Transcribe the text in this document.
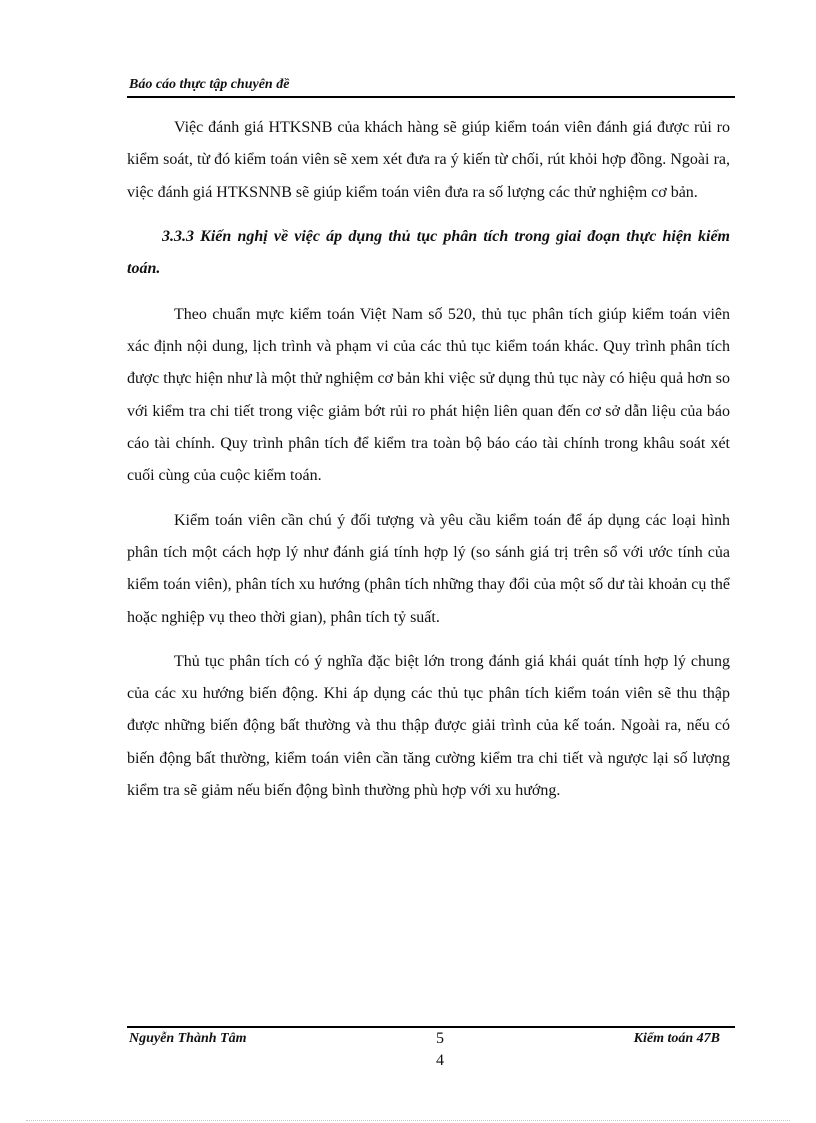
Báo cáo thực tập chuyên đề

Việc đánh giá HTKSNB của khách hàng sẽ giúp kiểm toán viên đánh giá được rủi ro kiểm soát, từ đó kiểm toán viên sẽ xem xét đưa ra ý kiến từ chối, rút khỏi hợp đồng. Ngoài ra, việc đánh giá HTKSNNB sẽ giúp kiểm toán viên đưa ra số lượng các thử nghiệm cơ bản.

3.3.3 Kiến nghị về việc áp dụng thủ tục phân tích trong giai đoạn thực hiện kiểm toán.

Theo chuẩn mực kiểm toán Việt Nam số 520, thủ tục phân tích giúp kiểm toán viên xác định nội dung, lịch trình và phạm vi của các thủ tục kiểm toán khác. Quy trình phân tích được thực hiện như là một thử nghiệm cơ bản khi việc sử dụng thủ tục này có hiệu quả hơn so với kiểm tra chi tiết trong việc giảm bớt rủi ro phát hiện liên quan đến cơ sở dẫn liệu của báo cáo tài chính. Quy trình phân tích để kiểm tra toàn bộ báo cáo tài chính trong khâu soát xét cuối cùng của cuộc kiểm toán.

Kiểm toán viên cần chú ý đối tượng và yêu cầu kiểm toán để áp dụng các loại hình phân tích một cách hợp lý như đánh giá tính hợp lý (so sánh giá trị trên sổ với ước tính của kiểm toán viên), phân tích xu hướng (phân tích những thay đổi của một số dư tài khoản cụ thể hoặc nghiệp vụ theo thời gian), phân tích tỷ suất.

Thủ tục phân tích có ý nghĩa đặc biệt lớn trong đánh giá khái quát tính hợp lý chung của các xu hướng biến động. Khi áp dụng các thủ tục phân tích kiểm toán viên sẽ thu thập được những biến động bất thường và thu thập được giải trình của kế toán. Ngoài ra, nếu có biến động bất thường, kiểm toán viên cần tăng cường kiểm tra chi tiết và ngược lại số lượng kiểm tra sẽ giảm nếu biến động bình thường phù hợp với xu hướng.

Nguyễn Thành Tâm	5
4
Kiểm toán 47B
